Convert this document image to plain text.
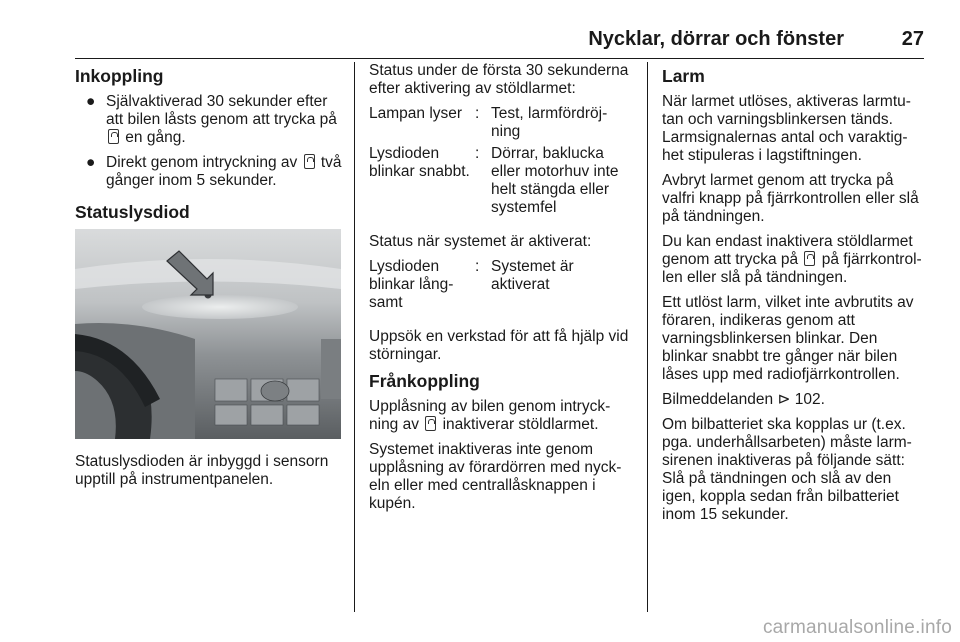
Nycklar, dörrar och fönster	27
Inkoppling
● Självaktiverad 30 sekunder efter att bilen låsts genom att trycka på  en gång.
● Direkt genom intryckning av  två gånger inom 5 sekunder.
Statuslysdiod

Statuslysdioden är inbyggd i sensorn upptill på instrumentpanelen.

Status under de första 30 sekunderna efter aktivering av stöldlarmet:

Lampan lyser	:	Test, larmfördröj-ning
Lysdioden blinkar snabbt.	:	Dörrar, baklucka eller motorhuv inte helt stängda eller systemfel

Status när systemet är aktiverat:

Lysdioden blinkar lång-samt	:	Systemet är aktiverat

Uppsök en verkstad för att få hjälp vid störningar.

Frånkoppling

Upplåsning av bilen genom intryck-ning av  inaktiverar stöldlarmet.

Systemet inaktiveras inte genom upplåsning av förardörren med nyck-eln eller med centrallåsknappen i kupén.

Larm

När larmet utlöses, aktiveras larmtu-tan och varningsblinkersen tänds. Larmsignalernas antal och varaktig-het stipuleras i lagstiftningen.

Avbryt larmet genom att trycka på valfri knapp på fjärrkontrollen eller slå på tändningen.

Du kan endast inaktivera stöldlarmet genom att trycka på  på fjärrkontrol-len eller slå på tändningen.

Ett utlöst larm, vilket inte avbrutits av föraren, indikeras genom att varningsblinkersen blinkar. Den blinkar snabbt tre gånger när bilen låses upp med radiofjärrkontrollen.

Bilmeddelanden ⊳ 102.

Om bilbatteriet ska kopplas ur (t.ex. pga. underhållsarbeten) måste larm-sirenen inaktiveras på följande sätt: Slå på tändningen och slå av den igen, koppla sedan från bilbatteriet inom 15 sekunder.

carmanualsonline.info
